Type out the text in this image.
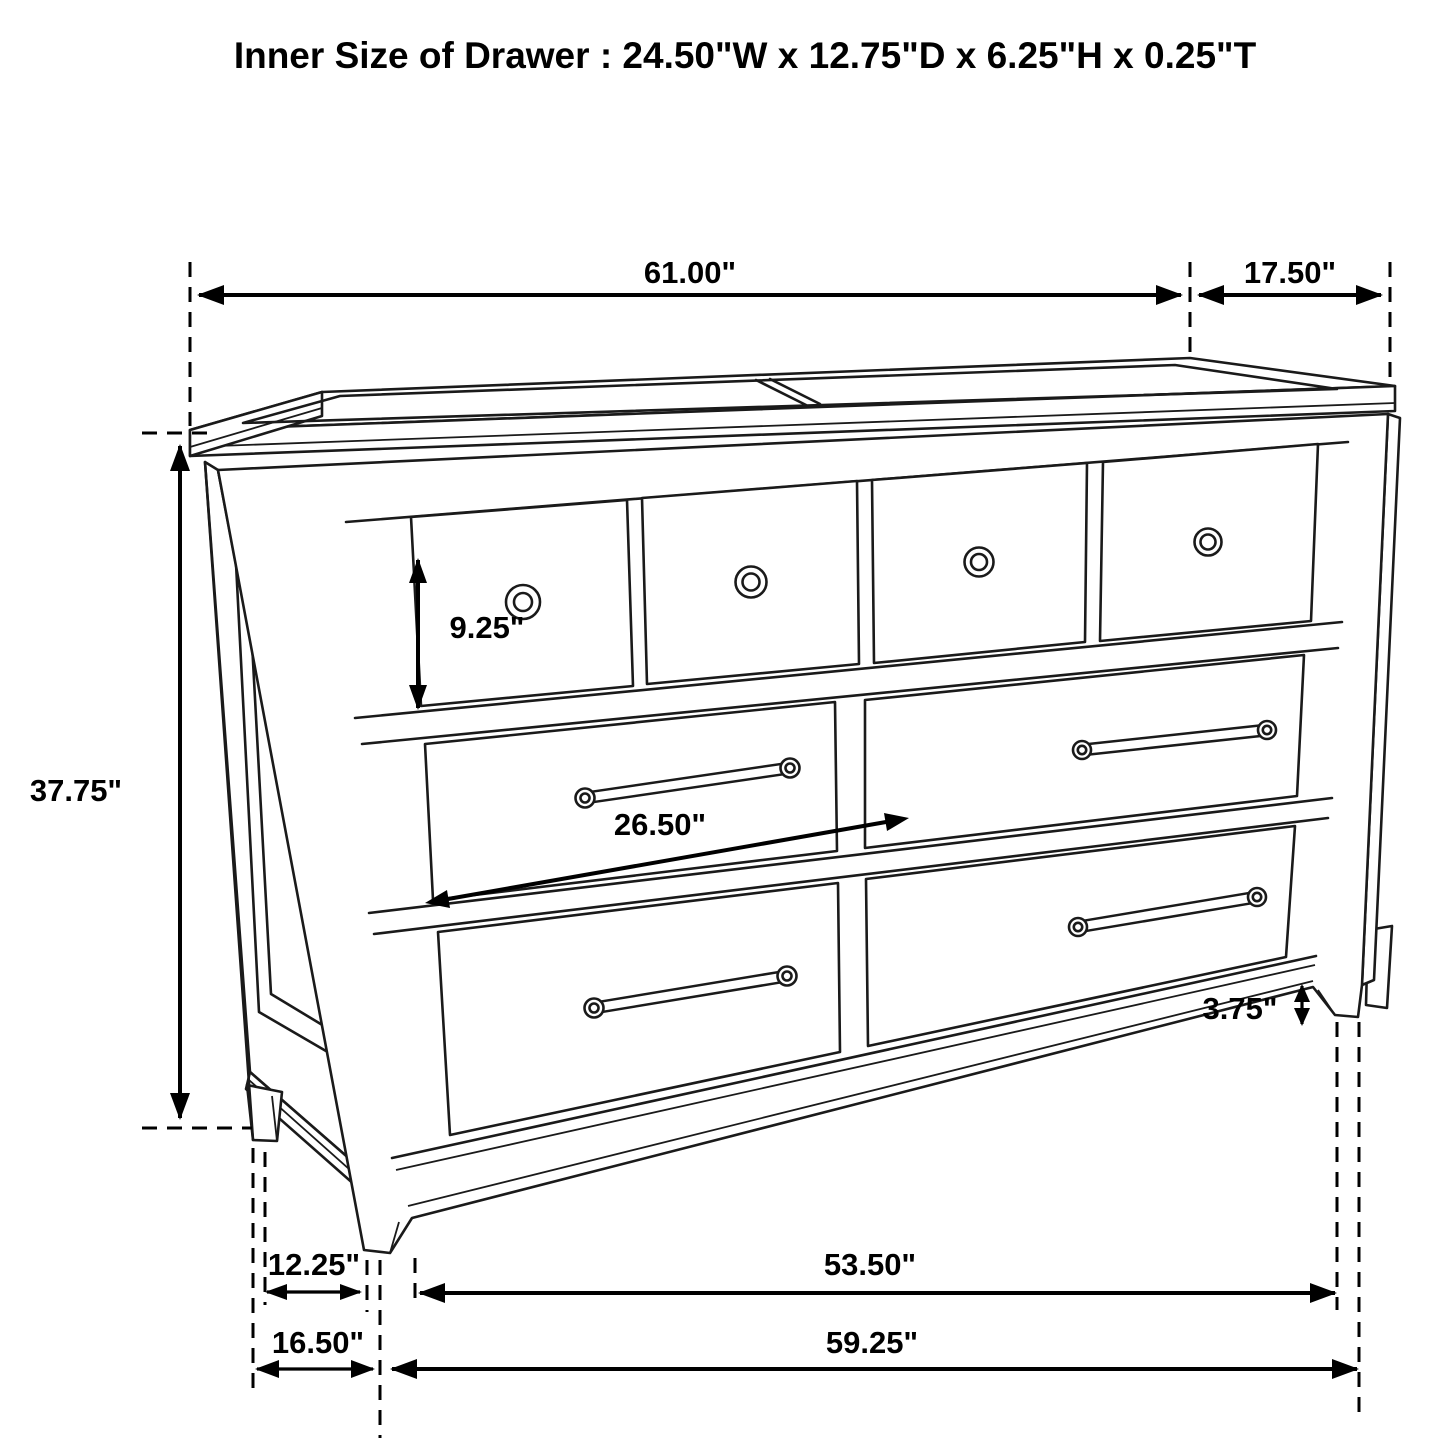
61.00"	17.50"
37.75"
9.25"
26.50"
3.75"
12.25"	53.50"
16.50"	59.25"
Inner Size of Drawer : 24.50"W x 12.75"D x 6.25"H x 0.25"T
